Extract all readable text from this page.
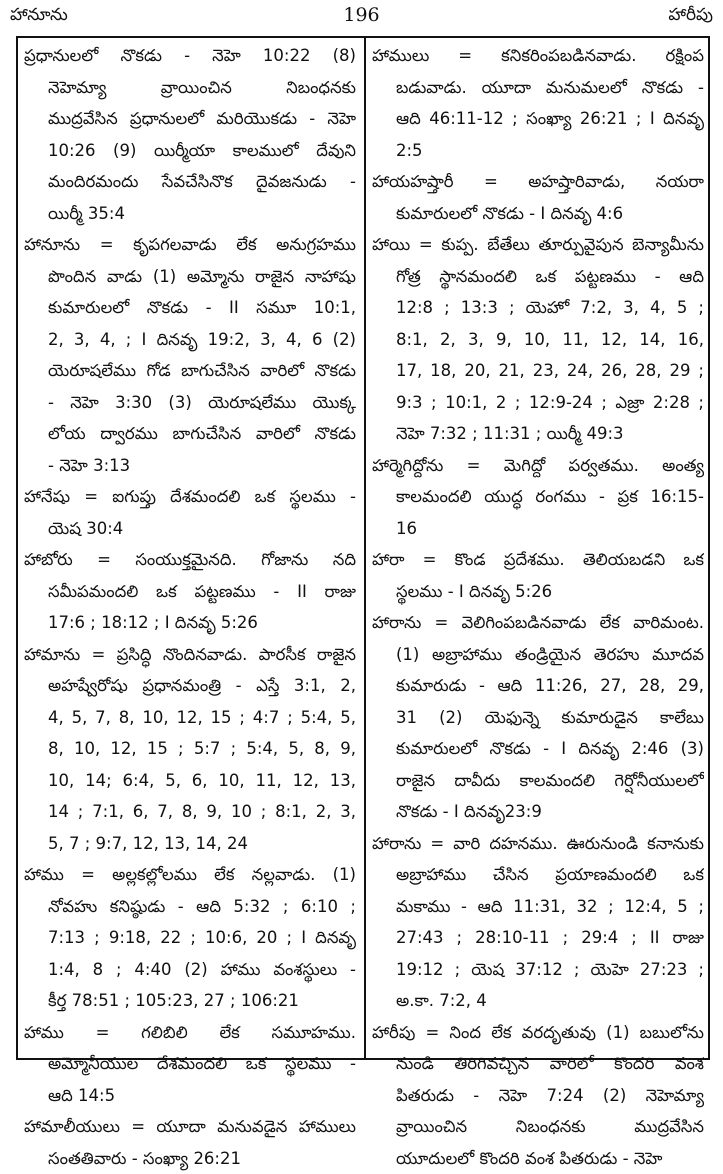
హానూను	196	హారీపు
ప్రధానులలో నొకడు - నెహె 10:22 (8)
నెహెమ్యా వ్రాయించిన నిబంధనకు
ముద్రవేసిన ప్రధానులలో మరియొకడు - నెహె
10:26 (9) యిర్మీయా కాలములో దేవుని
మందిరమందు సేవచేసినొక దైవజనుడు -
యిర్మీ 35:4
హానూను = కృపగలవాడు లేక అనుగ్రహము
పొందిన వాడు (1) అమ్మోను రాజైన నాహాషు
కుమారులలో నొకడు - II సమూ 10:1,
2, 3, 4, ; I దినవృ 19:2, 3, 4, 6 (2)
యెరూషలేము గోడ బాగుచేసిన వారిలో నొకడు
- నెహె 3:30 (3) యెరూషలేము యొక్క
లోయ ద్వారము బాగుచేసిన వారిలో నొకడు
- నెహె 3:13
హానేషు = ఐగుప్తు దేశమందలి ఒక స్థలము -
యెష 30:4
హాబోరు = సంయుక్తమైనది. గోజాను నది
సమీపమందలి ఒక పట్టణము - II రాజు
17:6 ; 18:12 ; I దినవృ 5:26
హామాను = ప్రసిద్ధి నొందినవాడు. పారసీక రాజైన
అహష్వేరోషు ప్రధానమంత్రి - ఎస్తే 3:1, 2,
4, 5, 7, 8, 10, 12, 15 ; 4:7 ; 5:4, 5,
8, 10, 12, 15 ; 5:7 ; 5:4, 5, 8, 9,
10, 14; 6:4, 5, 6, 10, 11, 12, 13,
14 ; 7:1, 6, 7, 8, 9, 10 ; 8:1, 2, 3,
5, 7 ; 9:7, 12, 13, 14, 24
హాము = అల్లకల్లోలము లేక నల్లవాడు. (1)
నోవహు కనిష్ఠుడు - ఆది 5:32 ; 6:10 ;
7:13 ; 9:18, 22 ; 10:6, 20 ; I దినవృ
1:4, 8 ; 4:40 (2) హాము వంశస్థులు -
కీర్త 78:51 ; 105:23, 27 ; 106:21
హాము = గలిబిలి లేక సమూహము.
అమ్మోనీయుల దేశమందలి ఒక స్థలము -
ఆది 14:5
హామాలీయులు = యూదా మనువడైన హాములు
సంతతివారు - సంఖ్యా 26:21
హాములు = కనికరింపబడినవాడు. రక్షింప
బడువాడు. యూదా మనుమలలో నొకడు -
ఆది 46:11-12 ; సంఖ్యా 26:21 ; I దినవృ
2:5
హాయహష్తారీ = అహష్తారివాడు, నయరా
కుమారులలో నొకడు - I దినవృ 4:6
హాయి = కుప్ప. బేతేలు తూర్పువైపున బెన్యామీను
గోత్ర స్థానమందలి ఒక పట్టణము - ఆది
12:8 ; 13:3 ; యెహో 7:2, 3, 4, 5 ;
8:1, 2, 3, 9, 10, 11, 12, 14, 16,
17, 18, 20, 21, 23, 24, 26, 28, 29 ;
9:3 ; 10:1, 2 ; 12:9-24 ; ఎజ్రా 2:28 ;
నెహె 7:32 ; 11:31 ; యిర్మీ 49:3
హార్మెగిద్దోను = మెగిద్దో పర్వతము. అంత్య
కాలమందలి యుద్ధ రంగము - ప్రక 16:15-
16
హారా = కొండ ప్రదేశము. తెలియబడని ఒక
స్థలము - I దినవృ 5:26
హారాను = వెలిగింపబడినవాడు లేక వారిమంట.
(1) అబ్రాహాము తండ్రియైన తెరహు మూదవ
కుమారుడు - ఆది 11:26, 27, 28, 29,
31 (2) యెఫున్నె కుమారుడైన కాలేబు
కుమారులలో నొకడు - I దినవృ 2:46 (3)
రాజైన దావీదు కాలమందలి గెర్షోనీయులలో
నొకడు - I దినవృ23:9
హారాను = వారి దహనము. ఊరునుండి కనానుకు
అబ్రాహాము చేసిన ప్రయాణమందలి ఒక
మకాము - ఆది 11:31, 32 ; 12:4, 5 ;
27:43 ; 28:10-11 ; 29:4 ; II రాజు
19:12 ; యెష 37:12 ; యెహె 27:23 ;
అ.కా. 7:2, 4
హారీపు = నింద లేక వరదృతువు (1) బబులోను
నుండి తిరిగివచ్చిన వారిలో కొందరి వంశ
పితరుడు - నెహె 7:24 (2) నెహెమ్యా
వ్రాయించిన నిబంధనకు ముద్రవేసిన
యూదులలో కొందరి వంశ పితరుడు - నెహె
